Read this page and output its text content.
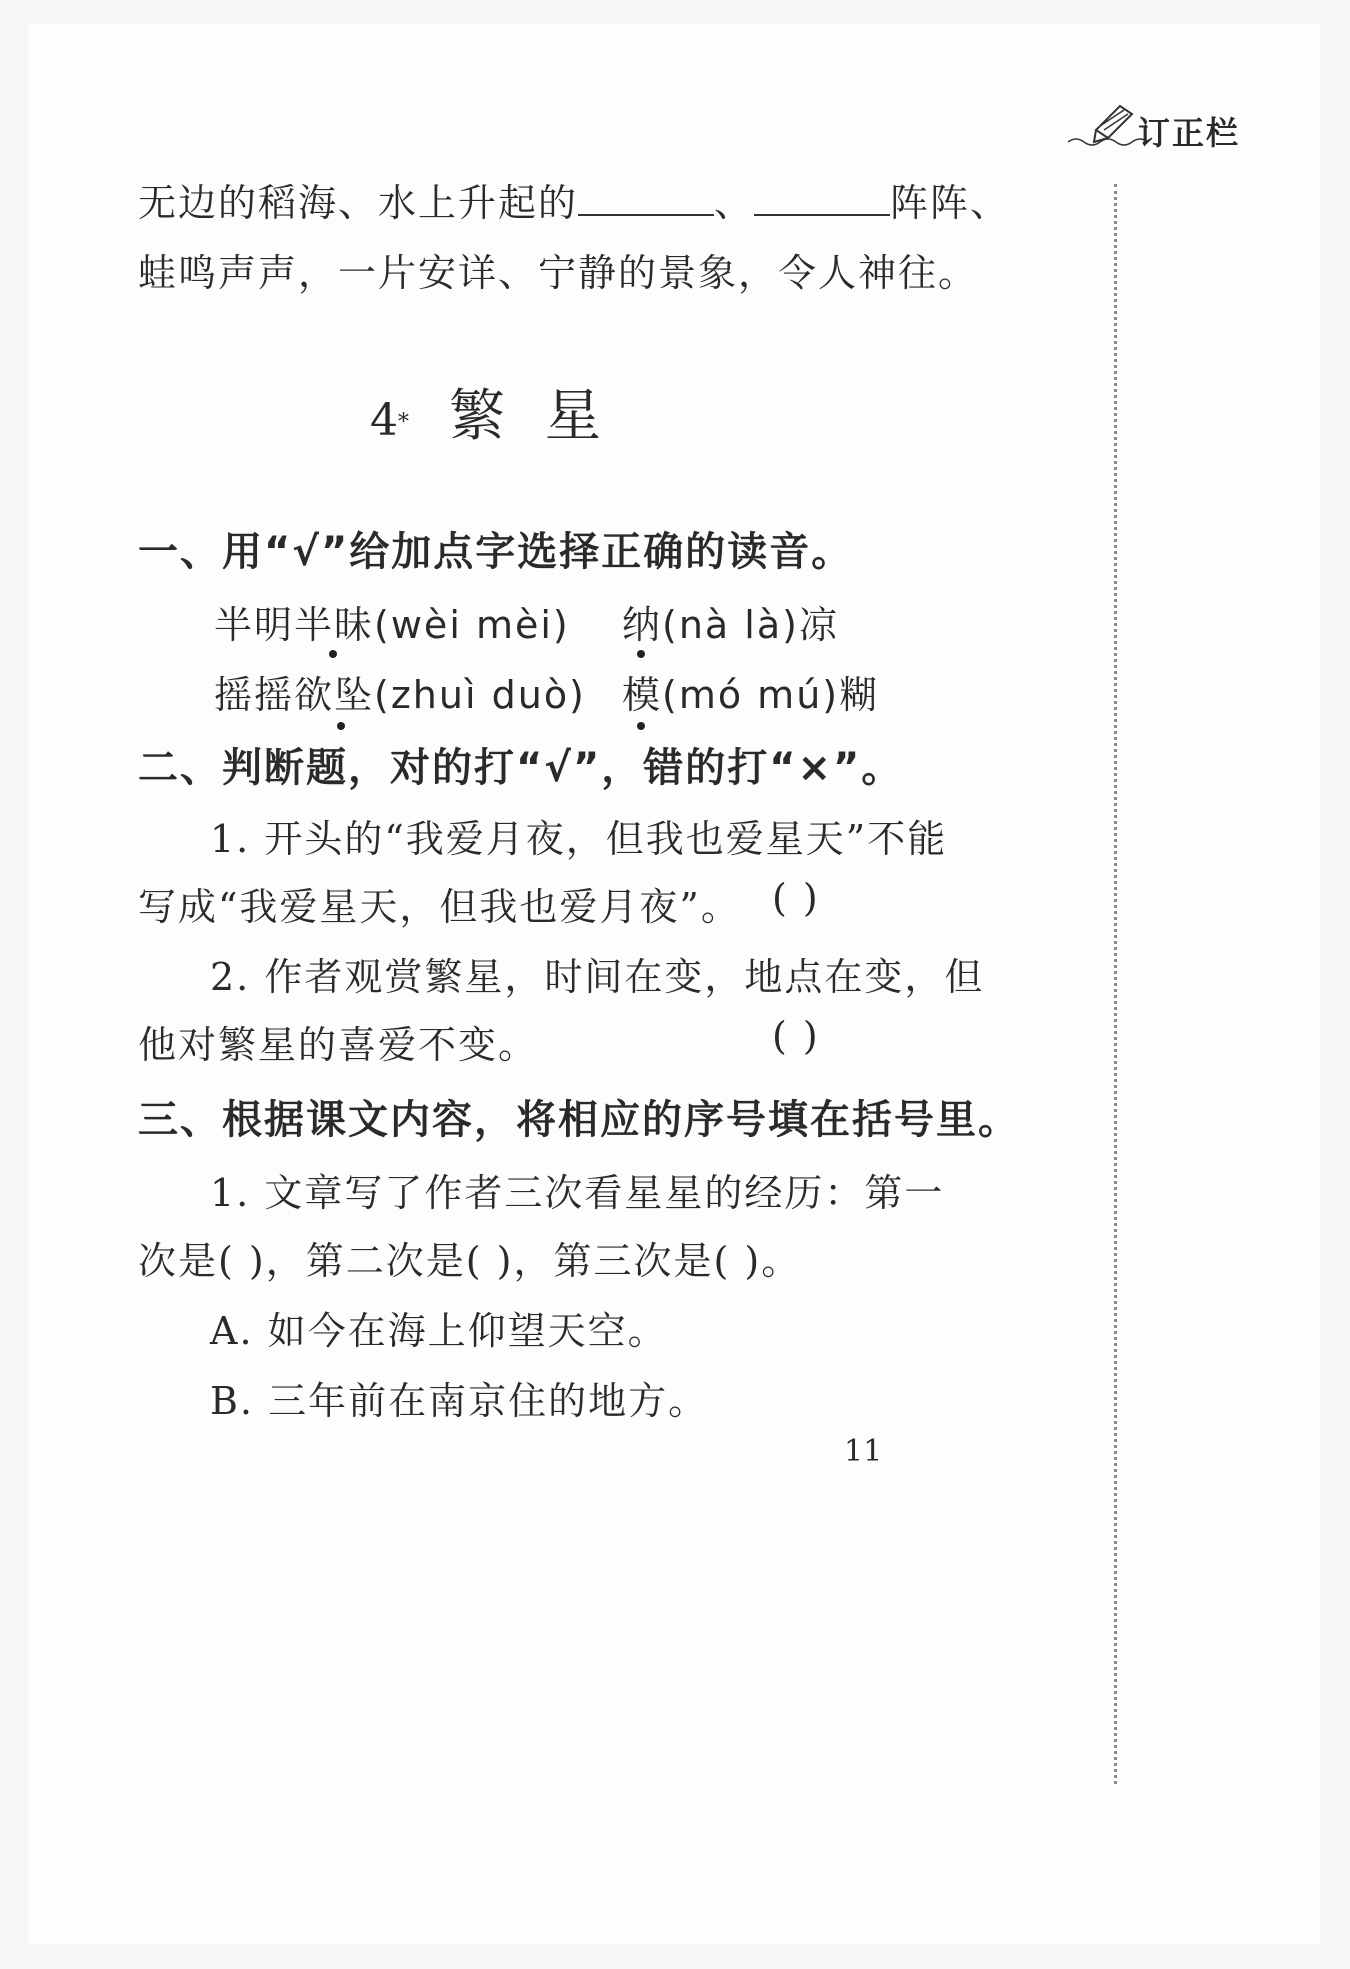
订正栏
无边的稻海、水上升起的	、	阵阵、
蛙鸣声声，一片安详、宁静的景象，令人神往。
4* 繁星
一、用“√”给加点字选择正确的读音。
半明半昧(wèi mèi) 纳(nà là)凉
摇摇欲坠(zhuì duò) 模(mó mú)糊
二、判断题，对的打“√”，错的打“×”。
1. 开头的“我爱月夜，但我也爱星天”不能
写成“我爱星天，但我也爱月夜”。 ( )
2. 作者观赏繁星，时间在变，地点在变，但
他对繁星的喜爱不变。	( )
三、根据课文内容，将相应的序号填在括号里。
1. 文章写了作者三次看星星的经历：第一
次是( )，第二次是( )，第三次是( )。
A. 如今在海上仰望天空。
B. 三年前在南京住的地方。
11
